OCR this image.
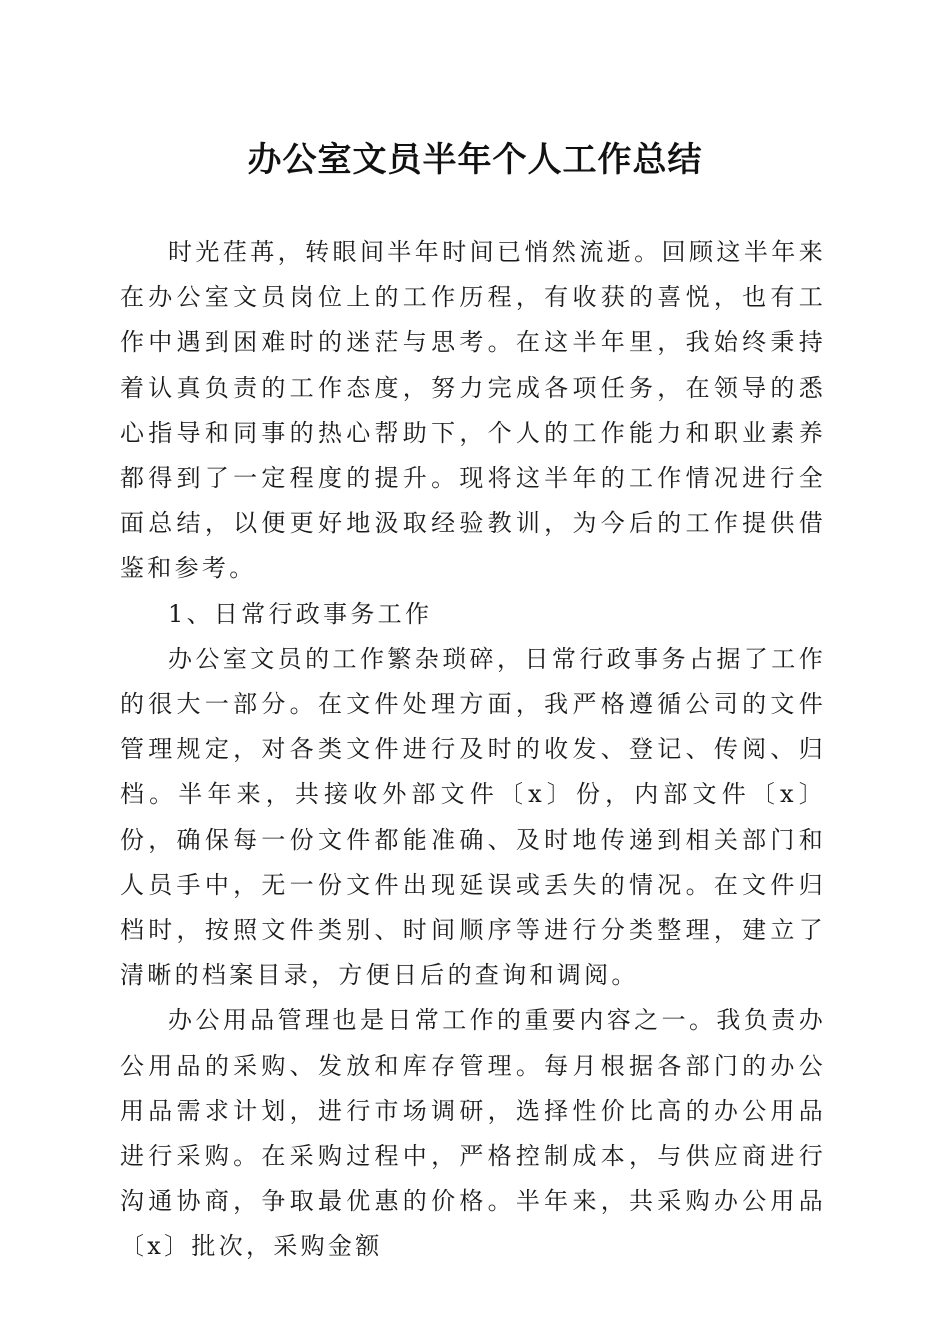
办公室文员半年个人工作总结

时光荏苒，转眼间半年时间已悄然流逝。回顾这半年来在办公室文员岗位上的工作历程，有收获的喜悦，也有工作中遇到困难时的迷茫与思考。在这半年里，我始终秉持着认真负责的工作态度，努力完成各项任务，在领导的悉心指导和同事的热心帮助下，个人的工作能力和职业素养都得到了一定程度的提升。现将这半年的工作情况进行全面总结，以便更好地汲取经验教训，为今后的工作提供借鉴和参考。

1、日常行政事务工作

办公室文员的工作繁杂琐碎，日常行政事务占据了工作的很大一部分。在文件处理方面，我严格遵循公司的文件管理规定，对各类文件进行及时的收发、登记、传阅、归档。半年来，共接收外部文件〔x〕份，内部文件〔x〕份，确保每一份文件都能准确、及时地传递到相关部门和人员手中，无一份文件出现延误或丢失的情况。在文件归档时，按照文件类别、时间顺序等进行分类整理，建立了清晰的档案目录，方便日后的查询和调阅。

办公用品管理也是日常工作的重要内容之一。我负责办公用品的采购、发放和库存管理。每月根据各部门的办公用品需求计划，进行市场调研，选择性价比高的办公用品进行采购。在采购过程中，严格控制成本，与供应商进行沟通协商，争取最优惠的价格。半年来，共采购办公用品〔x〕批次，采购金额
